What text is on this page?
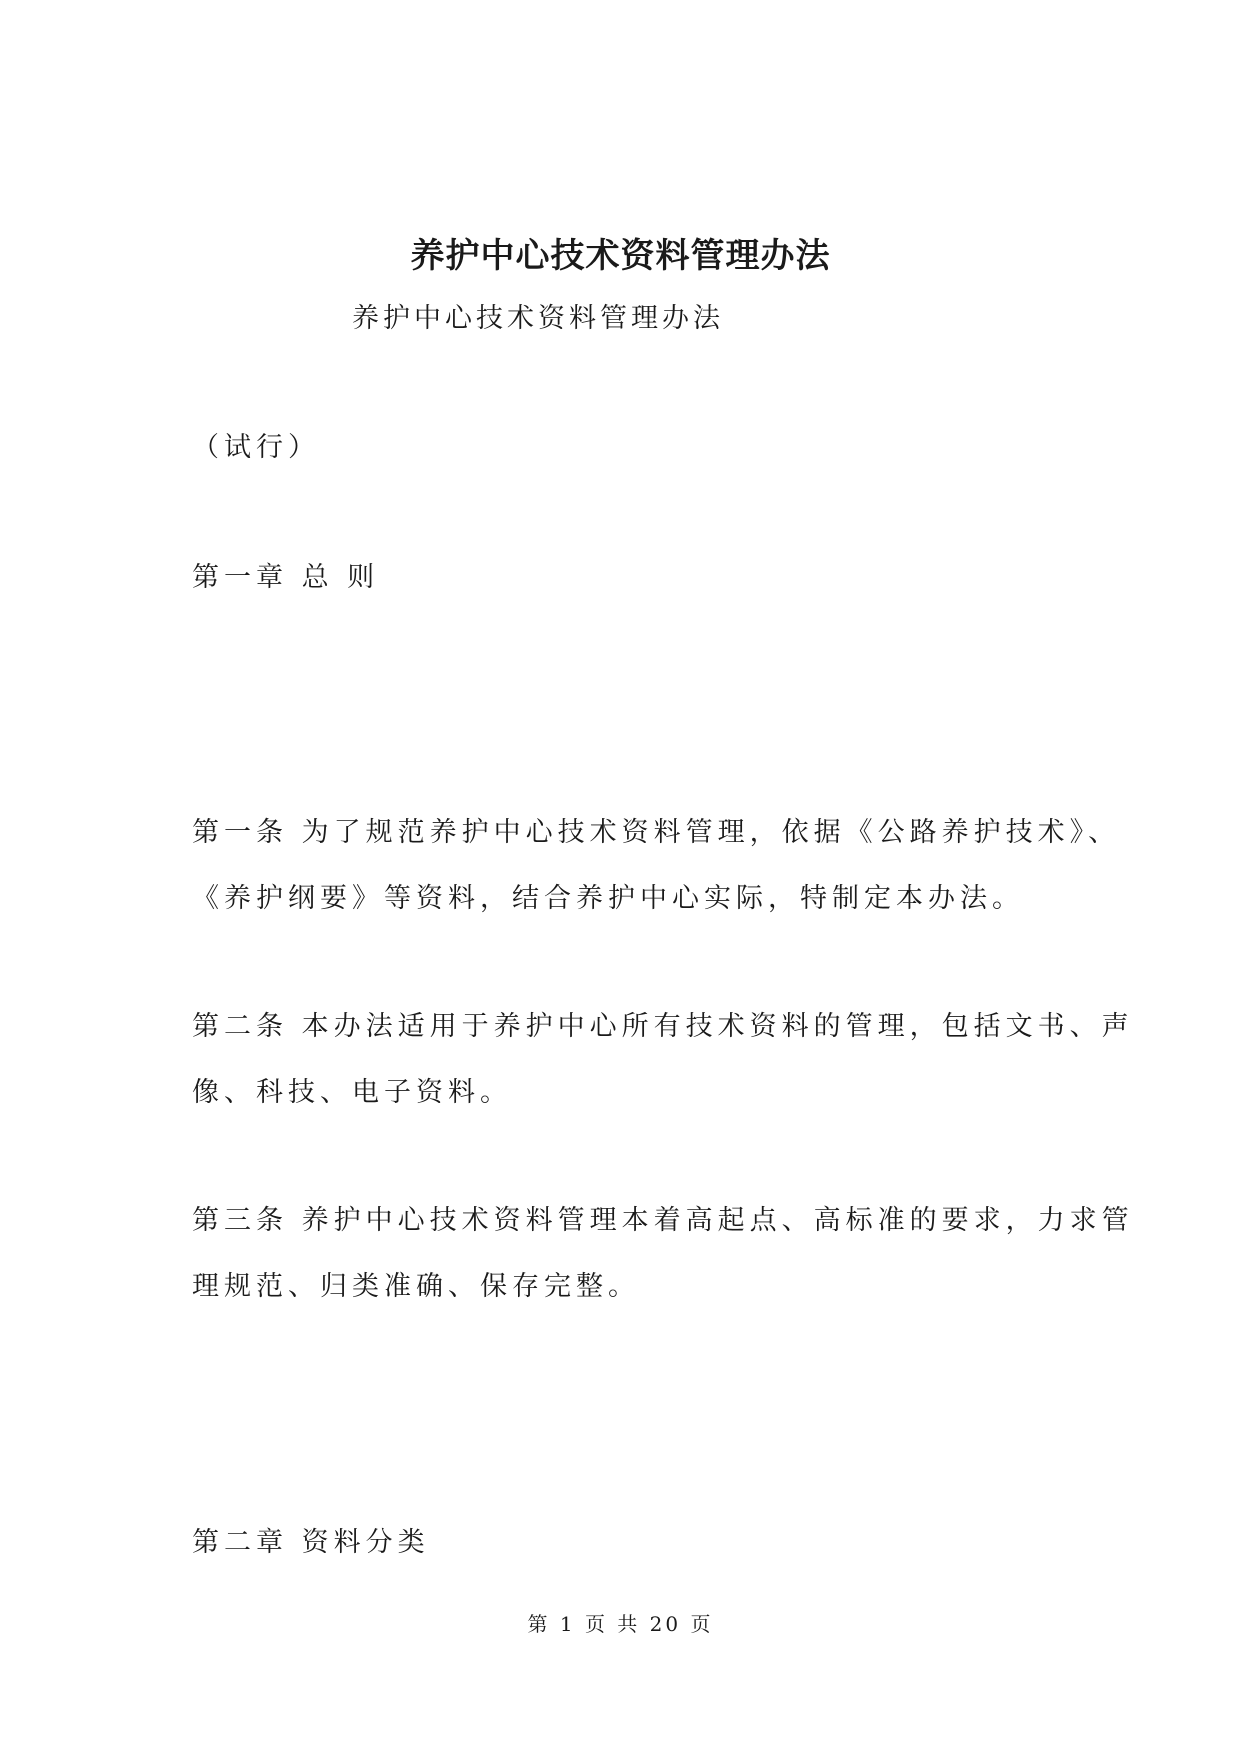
养护中心技术资料管理办法
养护中心技术资料管理办法
（试行）
第一章 总 则
第一条 为了规范养护中心技术资料管理，依据《公路养护技术》、
《养护纲要》等资料，结合养护中心实际，特制定本办法。
第二条 本办法适用于养护中心所有技术资料的管理，包括文书、声
像、科技、电子资料。
第三条 养护中心技术资料管理本着高起点、高标准的要求，力求管
理规范、归类准确、保存完整。
第二章 资料分类
第 1 页 共 20 页
